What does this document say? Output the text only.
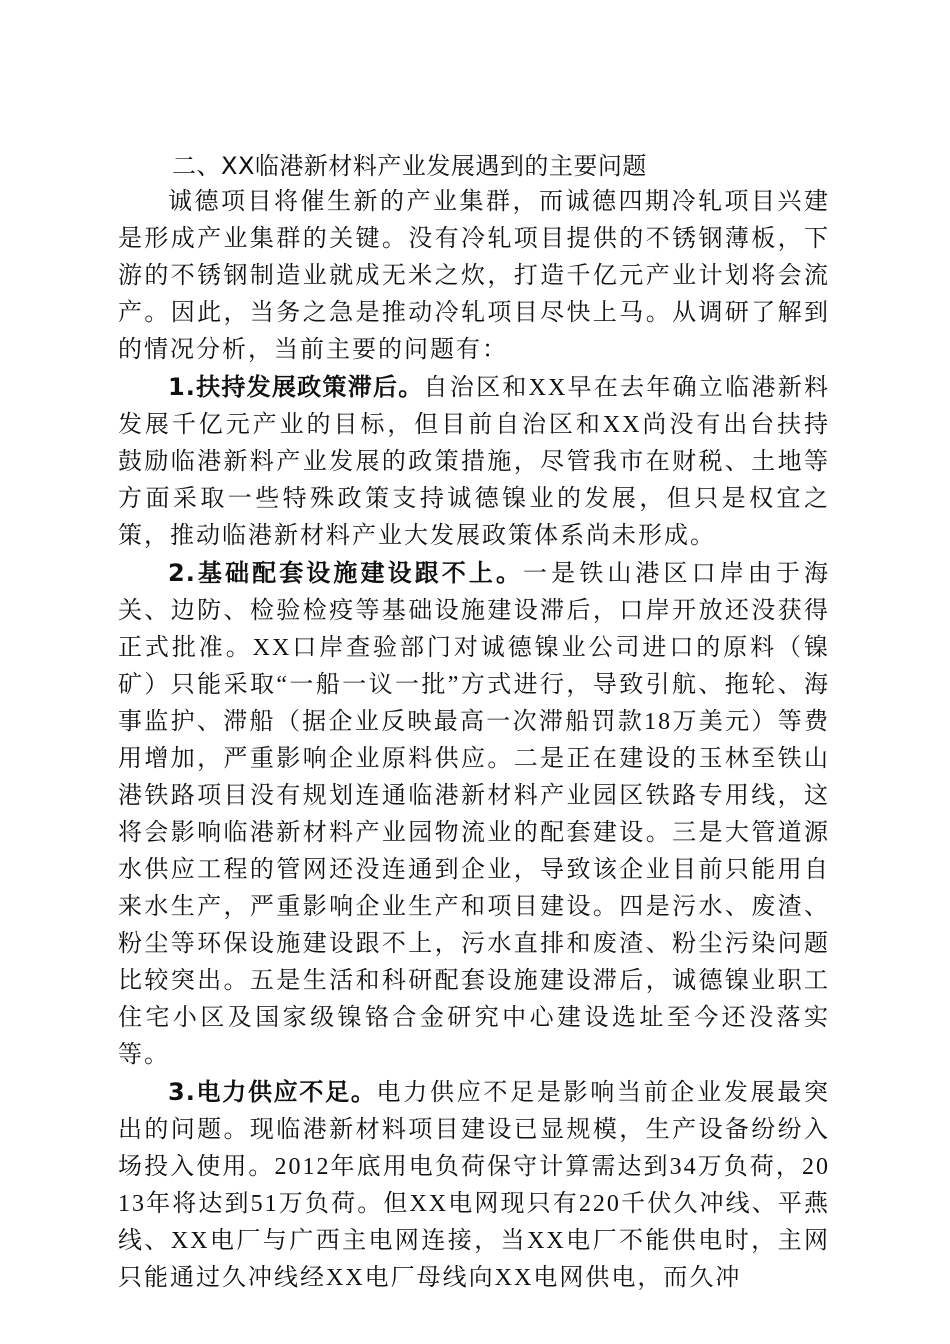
二、XX临港新材料产业发展遇到的主要问题

诚德项目将催生新的产业集群，而诚德四期冷轧项目兴建是形成产业集群的关键。没有冷轧项目提供的不锈钢薄板，下游的不锈钢制造业就成无米之炊，打造千亿元产业计划将会流产。因此，当务之急是推动冷轧项目尽快上马。从调研了解到的情况分析，当前主要的问题有：

1.扶持发展政策滞后。自治区和XX早在去年确立临港新料发展千亿元产业的目标，但目前自治区和XX尚没有出台扶持鼓励临港新料产业发展的政策措施，尽管我市在财税、土地等方面采取一些特殊政策支持诚德镍业的发展，但只是权宜之策，推动临港新材料产业大发展政策体系尚未形成。

2.基础配套设施建设跟不上。一是铁山港区口岸由于海关、边防、检验检疫等基础设施建设滞后，口岸开放还没获得正式批准。XX口岸查验部门对诚德镍业公司进口的原料（镍矿）只能采取“一船一议一批”方式进行，导致引航、拖轮、海事监护、滞船（据企业反映最高一次滞船罚款18万美元）等费用增加，严重影响企业原料供应。二是正在建设的玉林至铁山港铁路项目没有规划连通临港新材料产业园区铁路专用线，这将会影响临港新材料产业园物流业的配套建设。三是大管道源水供应工程的管网还没连通到企业，导致该企业目前只能用自来水生产，严重影响企业生产和项目建设。四是污水、废渣、粉尘等环保设施建设跟不上，污水直排和废渣、粉尘污染问题比较突出。五是生活和科研配套设施建设滞后，诚德镍业职工住宅小区及国家级镍铬合金研究中心建设选址至今还没落实等。

3.电力供应不足。电力供应不足是影响当前企业发展最突出的问题。现临港新材料项目建设已显规模，生产设备纷纷入场投入使用。2012年底用电负荷保守计算需达到34万负荷，2013年将达到51万负荷。但XX电网现只有220千伏久冲线、平燕线、XX电厂与广西主电网连接，当XX电厂不能供电时，主网只能通过久冲线经XX电厂母线向XX电网供电，而久冲
